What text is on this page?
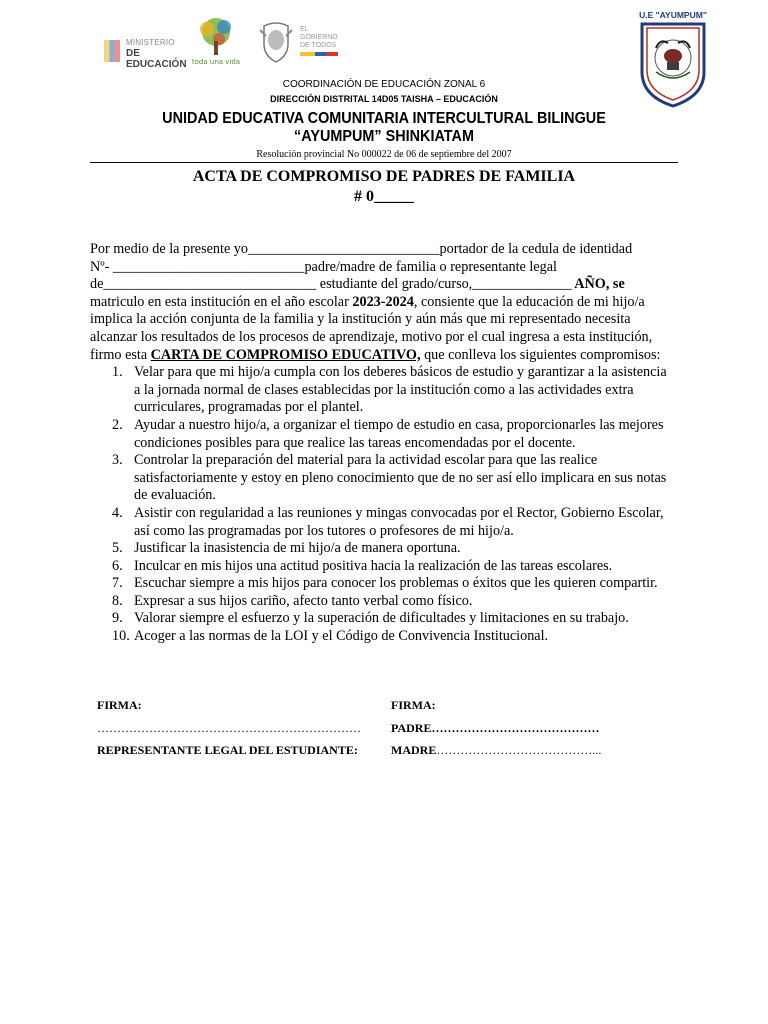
MINISTERIO
DE EDUCACIÓN toda una vida
EL
GOBIERNO
DE TODOS
U.E "AYUMPUM"
COORDINACIÓN DE EDUCACIÓN ZONAL 6
DIRECCIÓN DISTRITAL 14D05 TAISHA – EDUCACIÓN
UNIDAD EDUCATIVA COMUNITARIA INTERCULTURAL BILINGUE
“AYUMPUM” SHINKIATAM
Resolución provincial No 000022 de 06 de septiembre del 2007
ACTA DE COMPROMISO DE PADRES DE FAMILIA
# 0_____

Por medio de la presente yo___________________________portador de la cedula de identidad

Nº- ___________________________padre/madre de familia o representante legal

de______________________________ estudiante del grado/curso,______________ AÑO, se

matriculo en esta institución en el año escolar 2023-2024, consiente que la educación de mi hijo/a implica la acción conjunta de la familia y la institución y aún más que mi representado necesita alcanzar los resultados de los procesos de aprendizaje, motivo por el cual ingresa a esta institución, firmo esta CARTA DE COMPROMISO EDUCATIVO, que conlleva los siguientes compromisos:

1. Velar para que mi hijo/a cumpla con los deberes básicos de estudio y garantizar a la asistencia a la jornada normal de clases establecidas por la institución como a las actividades extra curriculares, programadas por el plantel.
2. Ayudar a nuestro hijo/a, a organizar el tiempo de estudio en casa, proporcionarles las mejores condiciones posibles para que realice las tareas encomendadas por el docente.
3. Controlar la preparación del material para la actividad escolar para que las realice satisfactoriamente y estoy en pleno conocimiento que de no ser así ello implicara en sus notas de evaluación.
4. Asistir con regularidad a las reuniones y mingas convocadas por el Rector, Gobierno Escolar, así como las programadas por los tutores o profesores de mi hijo/a.
5. Justificar la inasistencia de mi hijo/a de manera oportuna.
6. Inculcar en mis hijos una actitud positiva hacia la realización de las tareas escolares.
7. Escuchar siempre a mis hijos para conocer los problemas o éxitos que les quieren compartir.
8. Expresar a sus hijos cariño, afecto tanto verbal como físico.
9. Valorar siempre el esfuerzo y la superación de dificultades y limitaciones en su trabajo.
10. Acoger a las normas de la LOI y el Código de Convivencia Institucional.
FIRMA:	FIRMA:
…………………………………………………………	PADRE……………………………………
REPRESENTANTE LEGAL DEL ESTUDIANTE:	MADRE…………………………………...
